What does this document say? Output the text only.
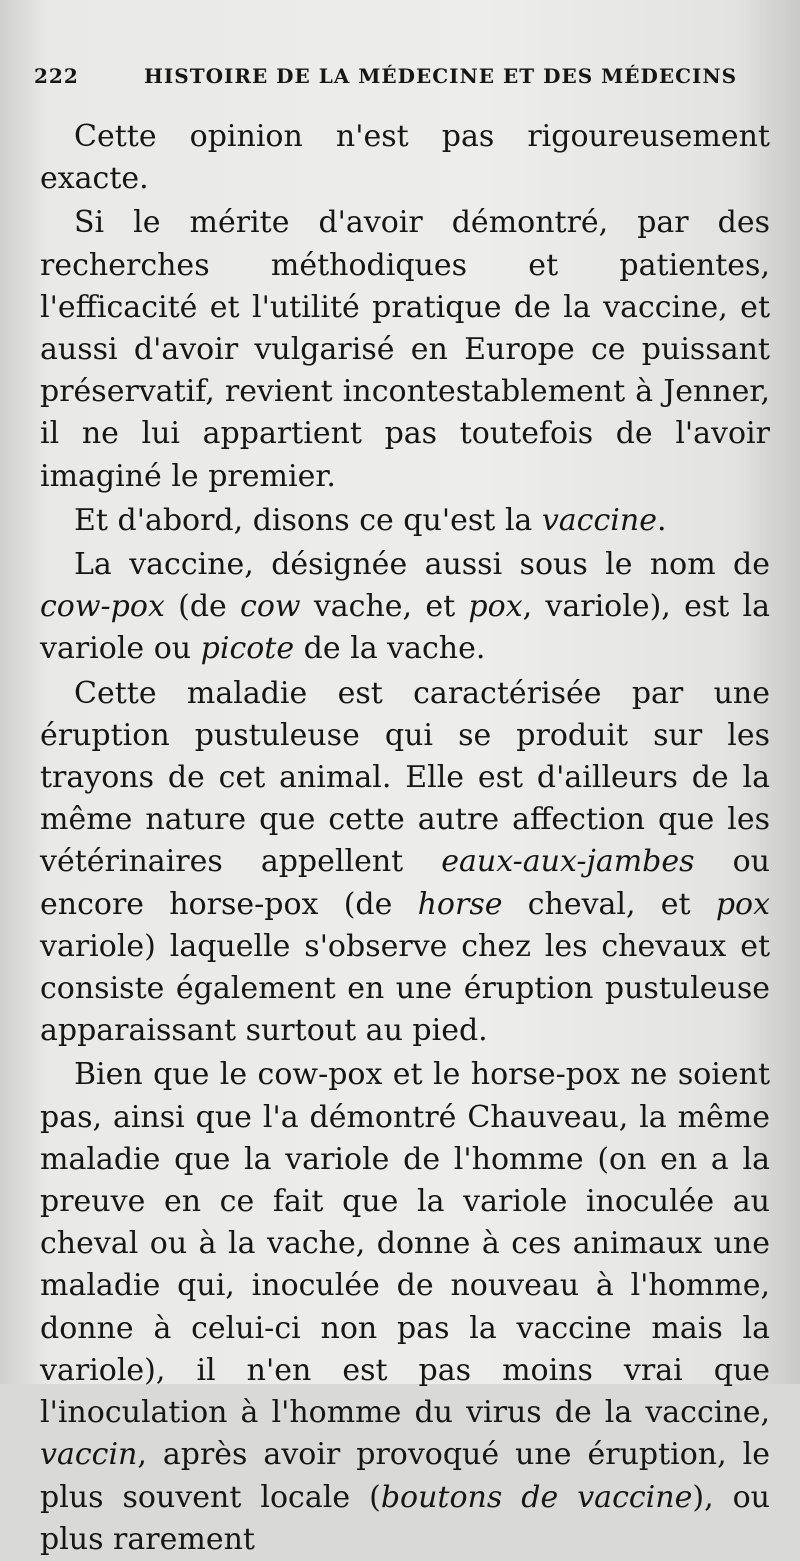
222	HISTOIRE DE LA MÉDECINE ET DES MÉDECINS

Cette opinion n'est pas rigoureusement exacte.

Si le mérite d'avoir démontré, par des recherches méthodiques et patientes, l'efficacité et l'utilité pratique de la vaccine, et aussi d'avoir vulgarisé en Europe ce puissant préservatif, revient incontestablement à Jenner, il ne lui appartient pas toutefois de l'avoir imaginé le premier.

Et d'abord, disons ce qu'est la vaccine.

La vaccine, désignée aussi sous le nom de cow-pox (de cow vache, et pox, variole), est la variole ou picote de la vache.

Cette maladie est caractérisée par une éruption pustuleuse qui se produit sur les trayons de cet animal. Elle est d'ailleurs de la même nature que cette autre affection que les vétérinaires appellent eaux-aux-jambes ou encore horse-pox (de horse cheval, et pox variole) laquelle s'observe chez les chevaux et consiste également en une éruption pustuleuse apparaissant surtout au pied.

Bien que le cow-pox et le horse-pox ne soient pas, ainsi que l'a démontré Chauveau, la même maladie que la variole de l'homme (on en a la preuve en ce fait que la variole inoculée au cheval ou à la vache, donne à ces animaux une maladie qui, inoculée de nouveau à l'homme, donne à celui-ci non pas la vaccine mais la variole), il n'en est pas moins vrai que l'inoculation à l'homme du virus de la vaccine, vaccin, après avoir provoqué une éruption, le plus souvent locale (boutons de vaccine), ou plus rarement
